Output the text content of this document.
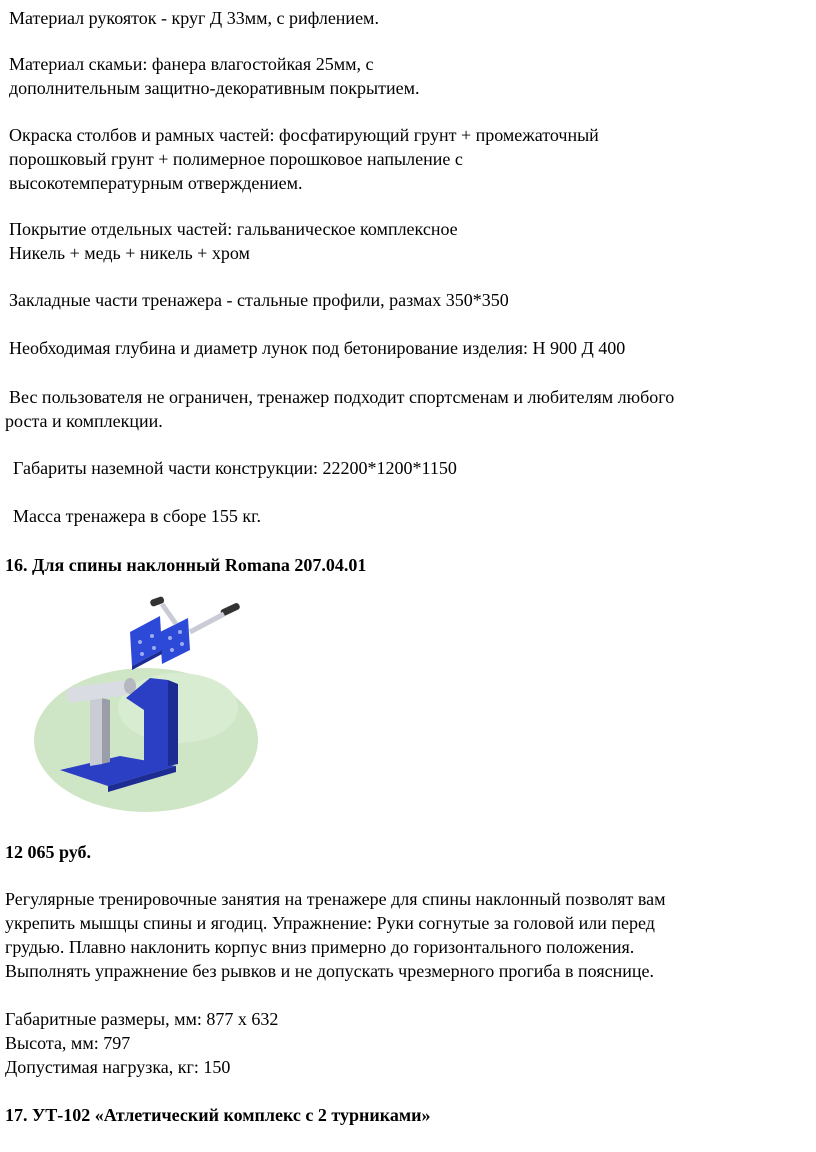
Материал рукояток - круг Д 33мм, с рифлением.
Материал скамьи: фанера влагостойкая 25мм, с
дополнительным защитно-декоративным покрытием.
Окраска столбов и рамных частей: фосфатирующий грунт + промежаточный
порошковый грунт + полимерное порошковое напыление с
высокотемпературным отверждением.
Покрытие отдельных частей: гальваническое комплексное
Никель + медь + никель + хром
Закладные части тренажера - стальные профили, размах 350*350
Необходимая глубина и диаметр лунок под бетонирование изделия: Н 900 Д 400
Вес пользователя не ограничен, тренажер подходит спортсменам и любителям любого
роста и комплекции.
Габариты наземной части конструкции: 22200*1200*1150
Масса тренажера в сборе 155 кг.
16. Для спины наклонный Romana 207.04.01
12 065 руб.
Регулярные тренировочные занятия на тренажере для спины наклонный позволят вам
укрепить мышцы спины и ягодиц. Упражнение: Руки согнутые за головой или перед
грудью. Плавно наклонить корпус вниз примерно до горизонтального положения.
Выполнять упражнение без рывков и не допускать чрезмерного прогиба в пояснице.
Габаритные размеры, мм: 877 х 632
Высота, мм: 797
Допустимая нагрузка, кг: 150
17. УТ-102 «Атлетический комплекс с 2 турниками»
